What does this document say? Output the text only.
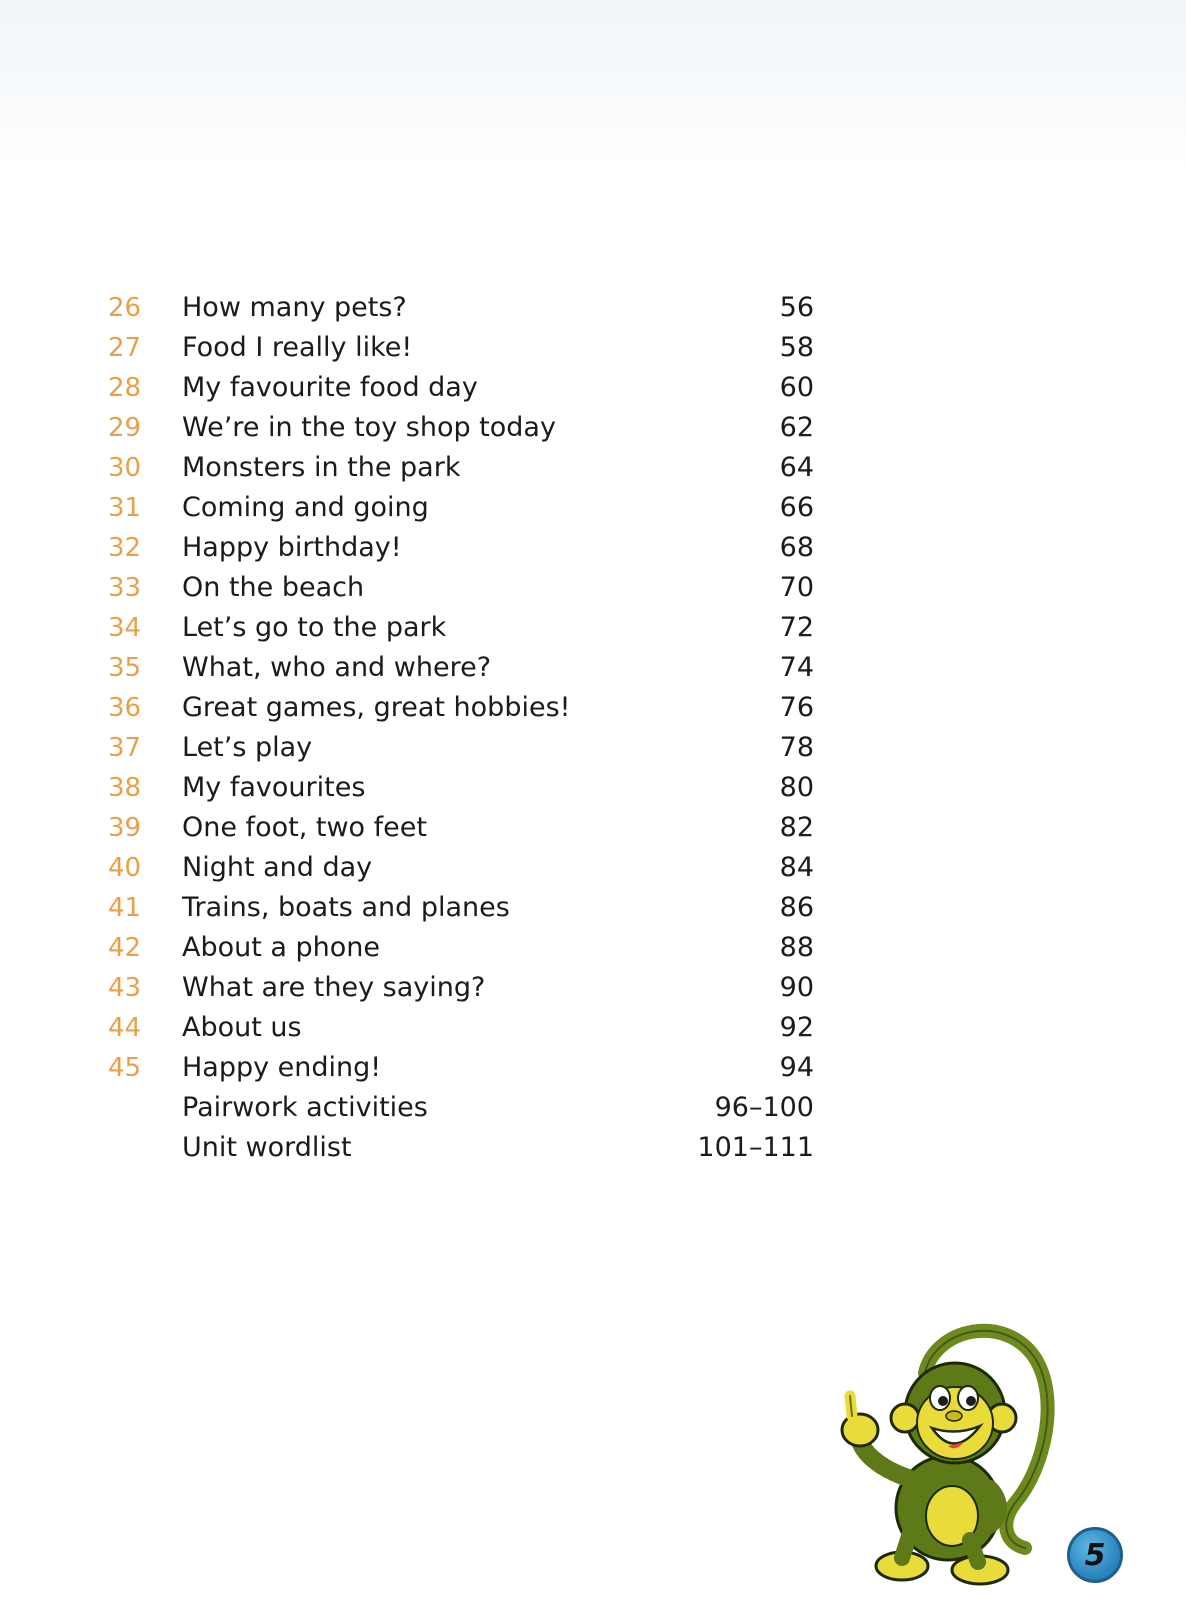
26	How many pets?	56
27	Food I really like!	58
28	My favourite food day	60
29	We’re in the toy shop today	62
30	Monsters in the park	64
31	Coming and going	66
32	Happy birthday!	68
33	On the beach	70
34	Let’s go to the park	72
35	What, who and where?	74
36	Great games, great hobbies!	76
37	Let’s play	78
38	My favourites	80
39	One foot, two feet	82
40	Night and day	84
41	Trains, boats and planes	86
42	About a phone	88
43	What are they saying?	90
44	About us	92
45	Happy ending!	94
Pairwork activities	96–100
Unit wordlist	101–111
5
